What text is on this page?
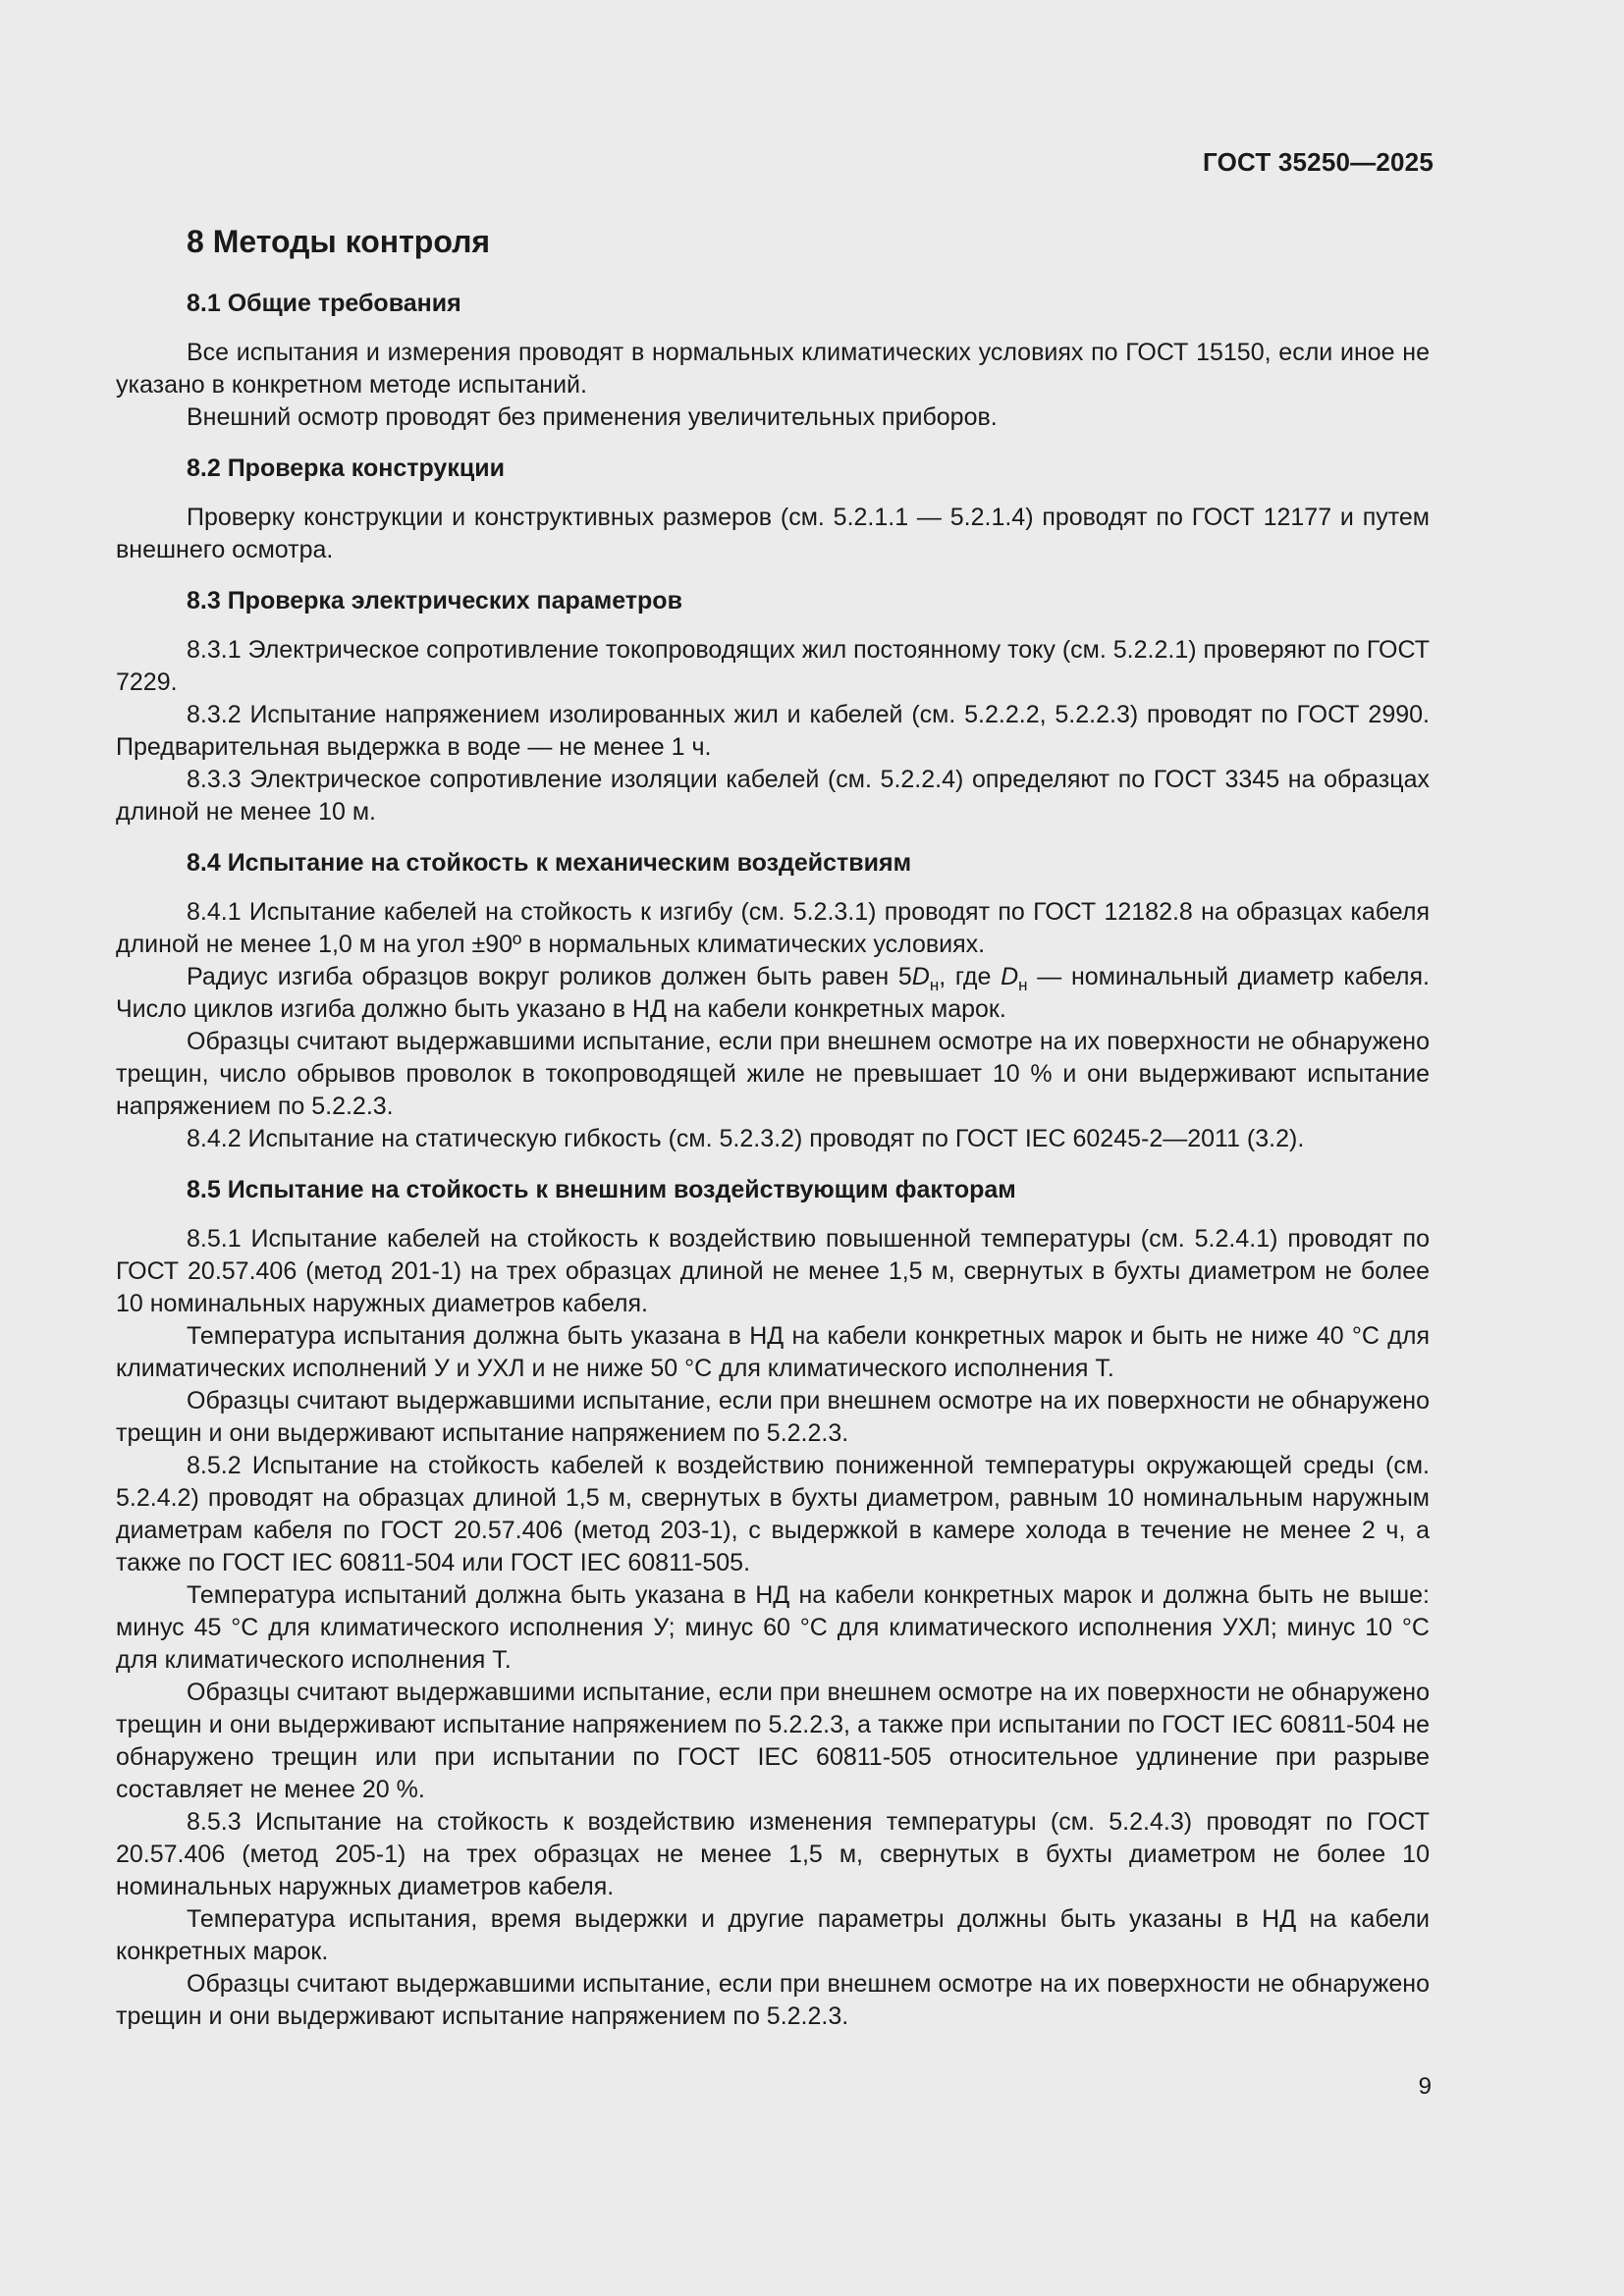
ГОСТ 35250—2025
8 Методы контроля
8.1 Общие требования

Все испытания и измерения проводят в нормальных климатических условиях по ГОСТ 15150, если иное не указано в конкретном методе испытаний.

Внешний осмотр проводят без применения увеличительных приборов.

8.2 Проверка конструкции

Проверку конструкции и конструктивных размеров (см. 5.2.1.1 — 5.2.1.4) проводят по ГОСТ 12177 и путем внешнего осмотра.

8.3 Проверка электрических параметров

8.3.1 Электрическое сопротивление токопроводящих жил постоянному току (см. 5.2.2.1) проверяют по ГОСТ 7229.

8.3.2 Испытание напряжением изолированных жил и кабелей (см. 5.2.2.2, 5.2.2.3) проводят по ГОСТ 2990. Предварительная выдержка в воде — не менее 1 ч.

8.3.3 Электрическое сопротивление изоляции кабелей (см. 5.2.2.4) определяют по ГОСТ 3345 на образцах длиной не менее 10 м.

8.4 Испытание на стойкость к механическим воздействиям

8.4.1 Испытание кабелей на стойкость к изгибу (см. 5.2.3.1) проводят по ГОСТ 12182.8 на образцах кабеля длиной не менее 1,0 м на угол ±90º в нормальных климатических условиях.

Радиус изгиба образцов вокруг роликов должен быть равен $5D_н$, где $D_н$ — номинальный диаметр кабеля. Число циклов изгиба должно быть указано в НД на кабели конкретных марок.

Образцы считают выдержавшими испытание, если при внешнем осмотре на их поверхности не обнаружено трещин, число обрывов проволок в токопроводящей жиле не превышает 10 % и они выдерживают испытание напряжением по 5.2.2.3.

8.4.2 Испытание на статическую гибкость (см. 5.2.3.2) проводят по ГОСТ IEC 60245-2—2011 (3.2).

8.5 Испытание на стойкость к внешним воздействующим факторам

8.5.1 Испытание кабелей на стойкость к воздействию повышенной температуры (см. 5.2.4.1) проводят по ГОСТ 20.57.406 (метод 201-1) на трех образцах длиной не менее 1,5 м, свернутых в бухты диаметром не более 10 номинальных наружных диаметров кабеля.

Температура испытания должна быть указана в НД на кабели конкретных марок и быть не ниже 40 °С для климатических исполнений У и УХЛ и не ниже 50 °С для климатического исполнения Т.

Образцы считают выдержавшими испытание, если при внешнем осмотре на их поверхности не обнаружено трещин и они выдерживают испытание напряжением по 5.2.2.3.

8.5.2 Испытание на стойкость кабелей к воздействию пониженной температуры окружающей среды (см. 5.2.4.2) проводят на образцах длиной 1,5 м, свернутых в бухты диаметром, равным 10 номинальным наружным диаметрам кабеля по ГОСТ 20.57.406 (метод 203-1), с выдержкой в камере холода в течение не менее 2 ч, а также по ГОСТ IEC 60811-504 или ГОСТ IEC 60811-505.

Температура испытаний должна быть указана в НД на кабели конкретных марок и должна быть не выше: минус 45 °С для климатического исполнения У; минус 60 °С для климатического исполнения УХЛ; минус 10 °С для климатического исполнения Т.

Образцы считают выдержавшими испытание, если при внешнем осмотре на их поверхности не обнаружено трещин и они выдерживают испытание напряжением по 5.2.2.3, а также при испытании по ГОСТ IEC 60811-504 не обнаружено трещин или при испытании по ГОСТ IEC 60811-505 относительное удлинение при разрыве составляет не менее 20 %.

8.5.3 Испытание на стойкость к воздействию изменения температуры (см. 5.2.4.3) проводят по ГОСТ 20.57.406 (метод 205-1) на трех образцах не менее 1,5 м, свернутых в бухты диаметром не более 10 номинальных наружных диаметров кабеля.

Температура испытания, время выдержки и другие параметры должны быть указаны в НД на кабели конкретных марок.

Образцы считают выдержавшими испытание, если при внешнем осмотре на их поверхности не обнаружено трещин и они выдерживают испытание напряжением по 5.2.2.3.

9
